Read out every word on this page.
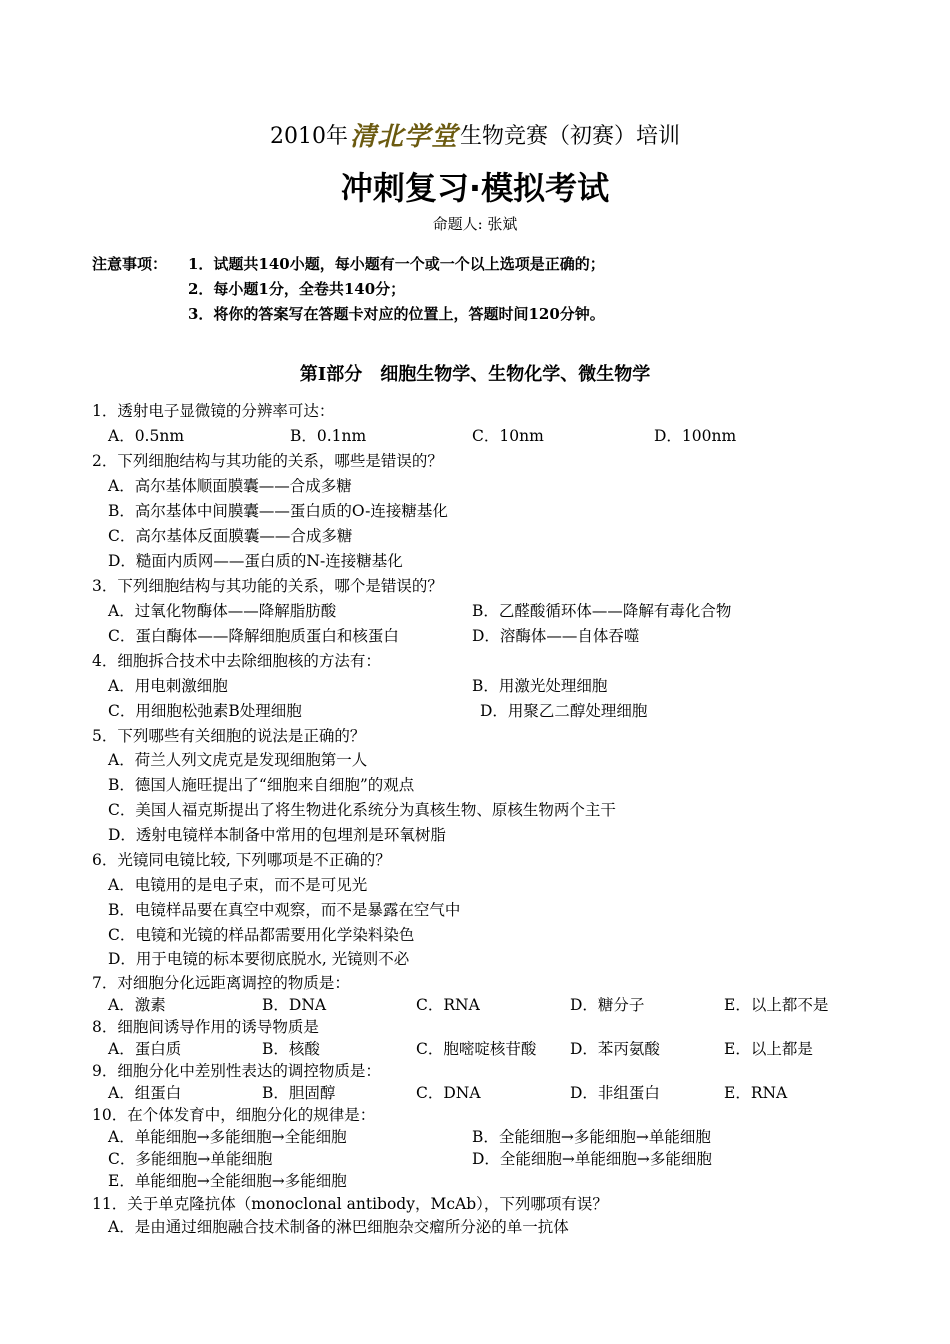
2010年清北学堂生物竞赛（初赛）培训
冲刺复习·模拟考试
命题人: 张斌
注意事项： 1．试题共140小题，每小题有一个或一个以上选项是正确的；
2．每小题1分，全卷共140分；
3．将你的答案写在答题卡对应的位置上，答题时间120分钟。
第Ⅰ部分　细胞生物学、生物化学、微生物学
1．透射电子显微镜的分辨率可达：
A．0.5nm	B．0.1nm	C．10nm	D．100nm
2．下列细胞结构与其功能的关系，哪些是错误的？
A．高尔基体顺面膜囊——合成多糖
B．高尔基体中间膜囊——蛋白质的O-连接糖基化
C．高尔基体反面膜囊——合成多糖
D．糙面内质网——蛋白质的N-连接糖基化
3．下列细胞结构与其功能的关系，哪个是错误的？
A．过氧化物酶体——降解脂肪酸	B．乙醛酸循环体——降解有毒化合物
C．蛋白酶体——降解细胞质蛋白和核蛋白	D．溶酶体——自体吞噬
4．细胞拆合技术中去除细胞核的方法有：
A．用电刺激细胞	B．用激光处理细胞
C．用细胞松弛素B处理细胞	D．用聚乙二醇处理细胞
5．下列哪些有关细胞的说法是正确的？
A．荷兰人列文虎克是发现细胞第一人
B．德国人施旺提出了“细胞来自细胞”的观点
C．美国人福克斯提出了将生物进化系统分为真核生物、原核生物两个主干
D．透射电镜样本制备中常用的包埋剂是环氧树脂
6．光镜同电镜比较, 下列哪项是不正确的？
A．电镜用的是电子束，而不是可见光
B．电镜样品要在真空中观察，而不是暴露在空气中
C．电镜和光镜的样品都需要用化学染料染色
D．用于电镜的标本要彻底脱水, 光镜则不必
7．对细胞分化远距离调控的物质是：
A．激素	B．DNA	C．RNA	D．糖分子	E．以上都不是
8．细胞间诱导作用的诱导物质是
A．蛋白质	B．核酸	C．胞嘧啶核苷酸 D．苯丙氨酸	E．以上都是
9．细胞分化中差别性表达的调控物质是：
A．组蛋白	B．胆固醇	C．DNA	D．非组蛋白	E．RNA
10．在个体发育中，细胞分化的规律是：
A．单能细胞→多能细胞→全能细胞	B．全能细胞→多能细胞→单能细胞
C．多能细胞→单能细胞	D．全能细胞→单能细胞→多能细胞
E．单能细胞→全能细胞→多能细胞
11．关于单克隆抗体（monoclonal antibody，McAb），下列哪项有误？
A．是由通过细胞融合技术制备的淋巴细胞杂交瘤所分泌的单一抗体
